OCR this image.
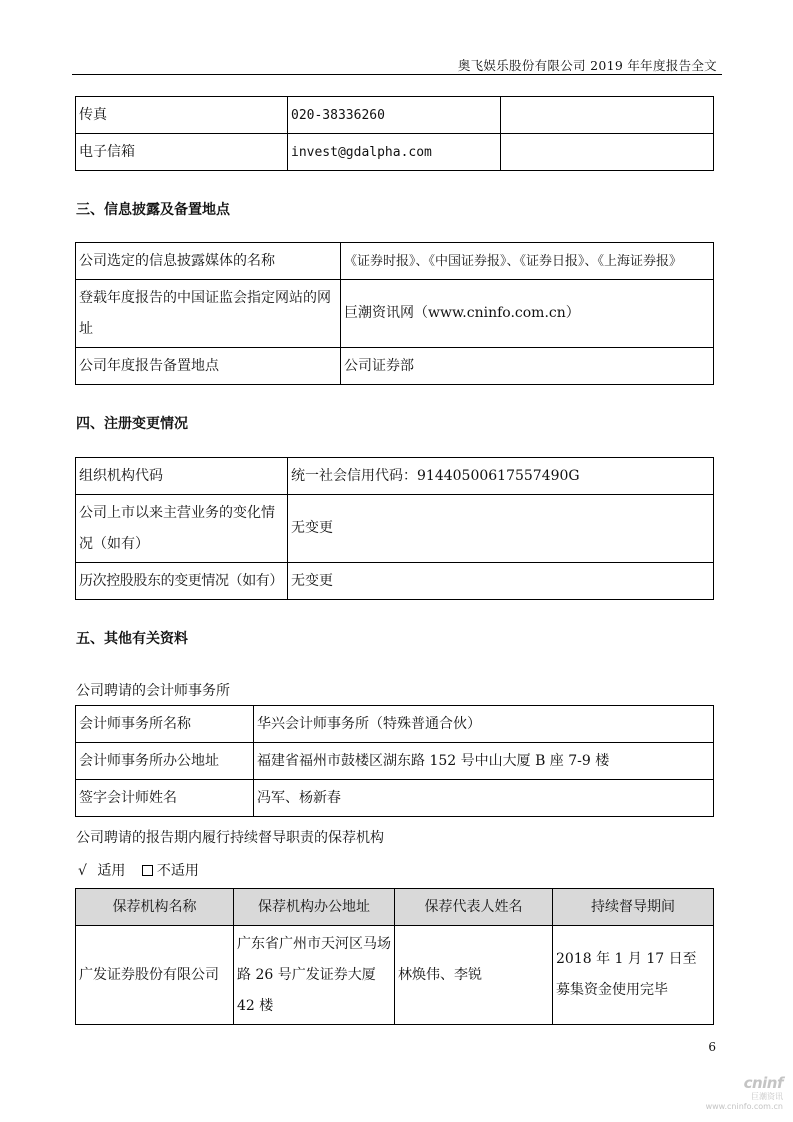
奥飞娱乐股份有限公司 2019 年年度报告全文
传真	020-38336260	
电子信箱	invest@gdalpha.com	
三、信息披露及备置地点
公司选定的信息披露媒体的名称	《证券时报》、《中国证券报》、《证券日报》、《上海证券报》
登载年度报告的中国证监会指定网站的网址	巨潮资讯网（www.cninfo.com.cn）
公司年度报告备置地点	公司证券部
四、注册变更情况
组织机构代码	统一社会信用代码：91440500617557490G
公司上市以来主营业务的变化情况（如有）	无变更
历次控股股东的变更情况（如有）	无变更
五、其他有关资料
公司聘请的会计师事务所
会计师事务所名称	华兴会计师事务所（特殊普通合伙）
会计师事务所办公地址	福建省福州市鼓楼区湖东路 152 号中山大厦 B 座 7-9 楼
签字会计师姓名	冯军、杨新春
公司聘请的报告期内履行持续督导职责的保荐机构
√ 适用 不适用
保荐机构名称	保荐机构办公地址	保荐代表人姓名	持续督导期间
广发证券股份有限公司	广东省广州市天河区马场路 26 号广发证券大厦 42 楼	林焕伟、李锐	2018 年 1 月 17 日至募集资金使用完毕
6
cninf
巨潮资讯
www.cninfo.com.cn
